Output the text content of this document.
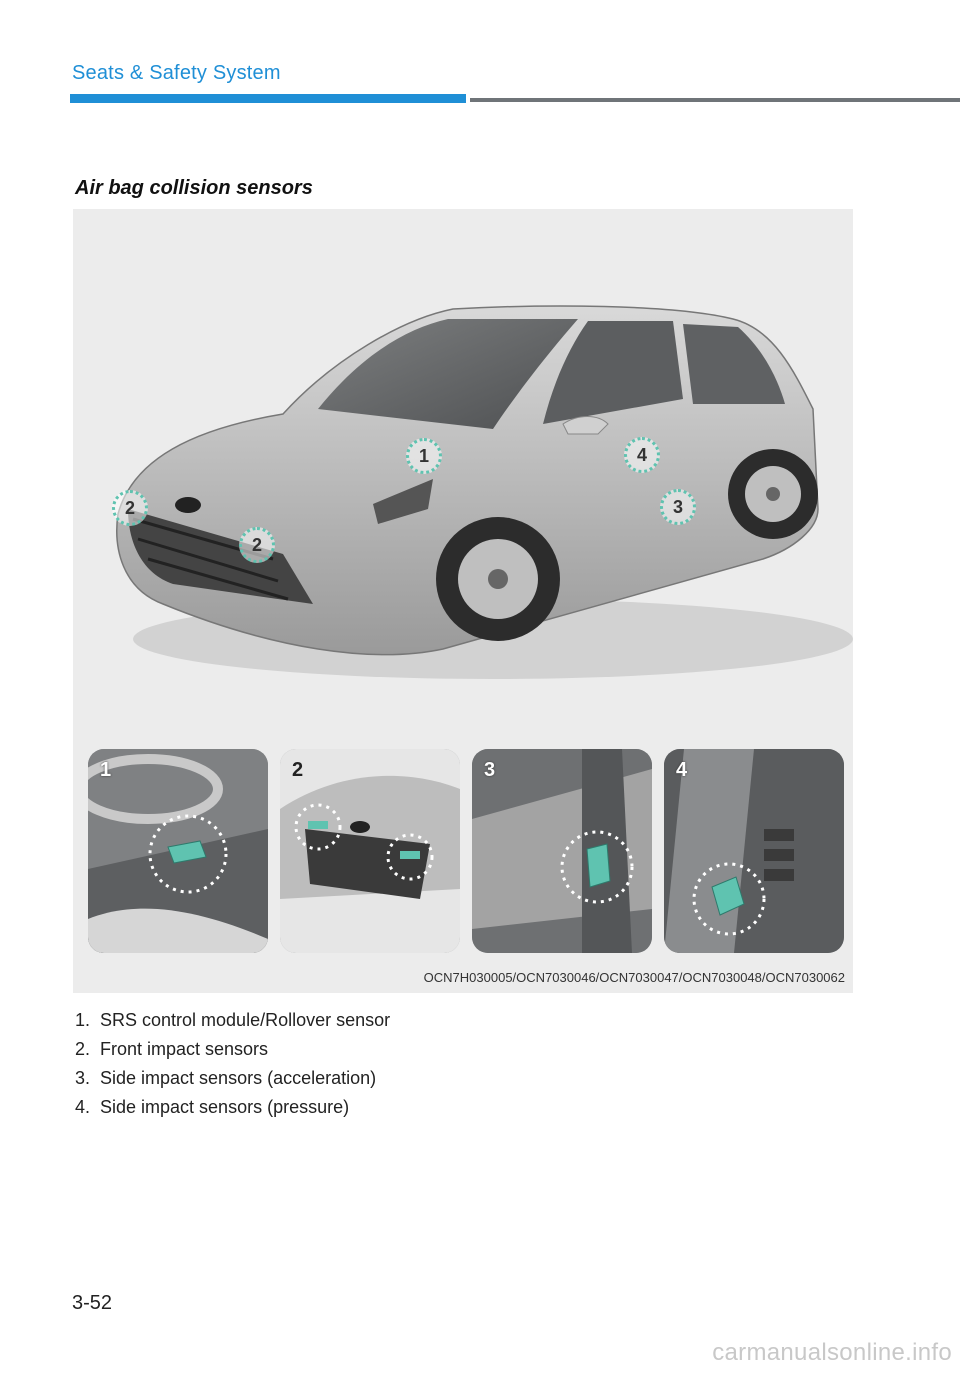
Seats & Safety System
Air bag collision sensors
1
2
2
3
4
1	2	3	4
OCN7H030005/OCN7030046/OCN7030047/OCN7030048/OCN7030062
1. SRS control module/Rollover sensor
2. Front impact sensors
3. Side impact sensors (acceleration)
4. Side impact sensors (pressure)
3-52
carmanualsonline.info
